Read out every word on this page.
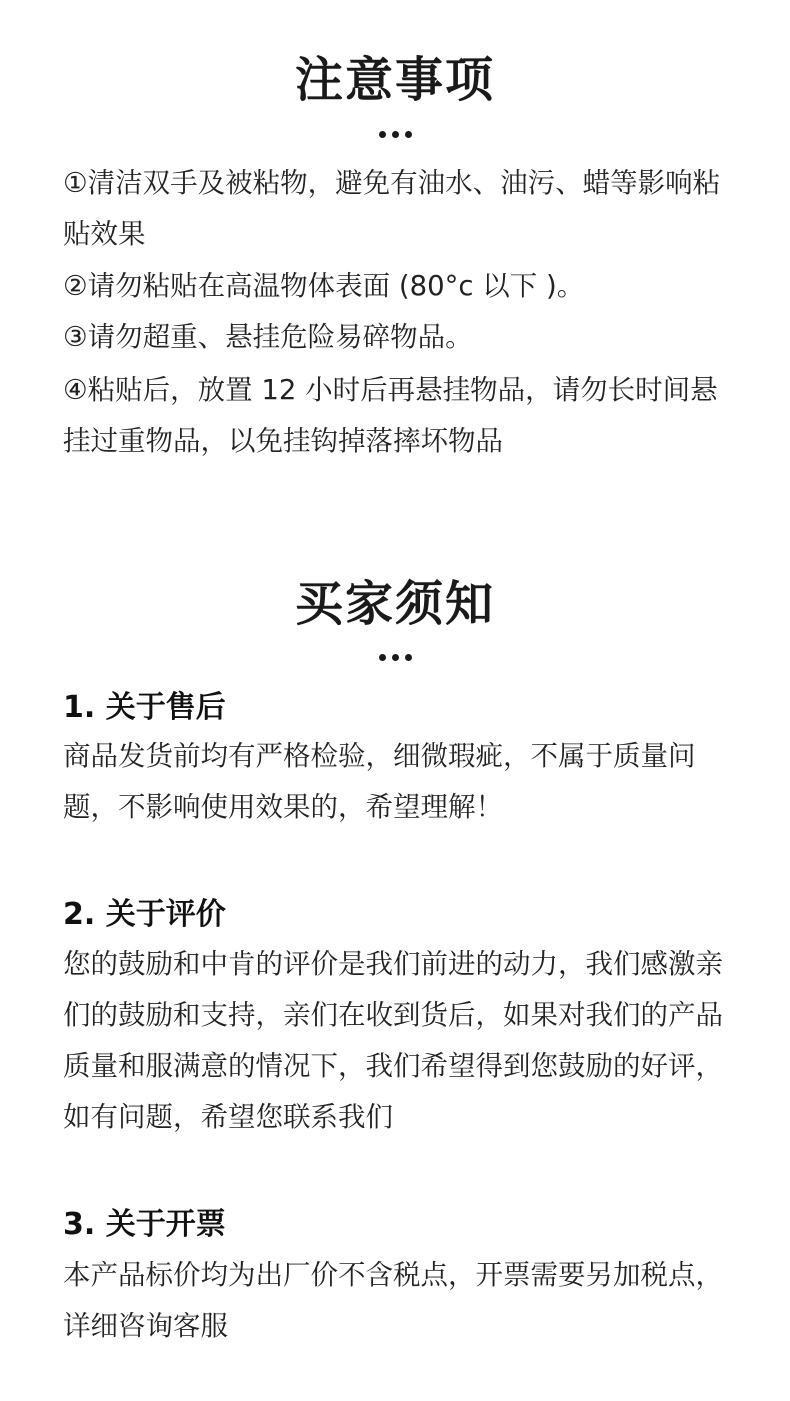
注意事项

①清洁双手及被粘物，避免有油水、油污、蜡等影响粘贴效果

②请勿粘贴在高温物体表面 (80°c 以下 )。

③请勿超重、悬挂危险易碎物品。

④粘贴后，放置 12 小时后再悬挂物品，请勿长时间悬挂过重物品，以免挂钩掉落摔坏物品

买家须知
1. 关于售后

商品发货前均有严格检验，细微瑕疵，不属于质量问题，不影响使用效果的，希望理解！

2. 关于评价

您的鼓励和中肯的评价是我们前进的动力，我们感激亲们的鼓励和支持，亲们在收到货后，如果对我们的产品质量和服满意的情况下，我们希望得到您鼓励的好评，如有问题，希望您联系我们

3. 关于开票

本产品标价均为出厂价不含税点，开票需要另加税点，详细咨询客服
